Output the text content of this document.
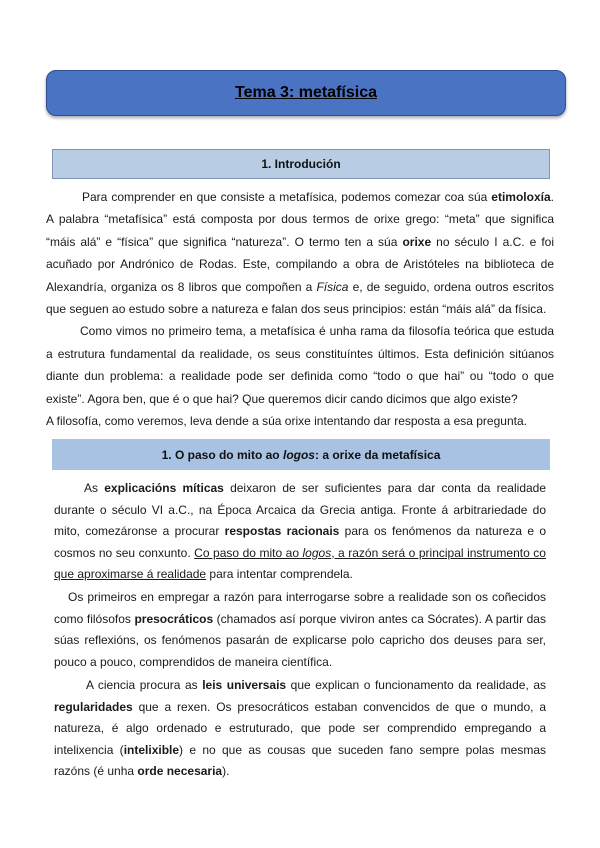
Tema 3: metafísica
1. Introdución

Para comprender en que consiste a metafísica, podemos comezar coa súa etimoloxía. A palabra “metafísica” está composta por dous termos de orixe grego: “meta” que significa “máis alá” e “física” que significa “natureza”. O termo ten a súa orixe no século I a.C. e foi acuñado por Andrónico de Rodas. Este, compilando a obra de Aristóteles na biblioteca de Alexandría, organiza os 8 libros que compoñen a Física e, de seguido, ordena outros escritos que seguen ao estudo sobre a natureza e falan dos seus principios: están “máis alá” da física.

Como vimos no primeiro tema, a metafísica é unha rama da filosofía teórica que estuda a estrutura fundamental da realidade, os seus constituíntes últimos. Esta definición sitúanos diante dun problema: a realidade pode ser definida como “todo o que hai” ou “todo o que existe”. Agora ben, que é o que hai? Que queremos dicir cando dicimos que algo existe?

A filosofía, como veremos, leva dende a súa orixe intentando dar resposta a esa pregunta.

1. O paso do mito ao logos: a orixe da metafísica

As explicacións míticas deixaron de ser suficientes para dar conta da realidade durante o século VI a.C., na Época Arcaica da Grecia antiga. Fronte á arbitrariedade do mito, comezáronse a procurar respostas racionais para os fenómenos da natureza e o cosmos no seu conxunto. Co paso do mito ao logos, a razón será o principal instrumento co que aproximarse á realidade para intentar comprendela.

Os primeiros en empregar a razón para interrogarse sobre a realidade son os coñecidos como filósofos presocráticos (chamados así porque viviron antes ca Sócrates). A partir das súas reflexións, os fenómenos pasarán de explicarse polo capricho dos deuses para ser, pouco a pouco, comprendidos de maneira científica.

A ciencia procura as leis universais que explican o funcionamento da realidade, as regularidades que a rexen. Os presocráticos estaban convencidos de que o mundo, a natureza, é algo ordenado e estruturado, que pode ser comprendido empregando a intelixencia (intelixible) e no que as cousas que suceden fano sempre polas mesmas razóns (é unha orde necesaria).
